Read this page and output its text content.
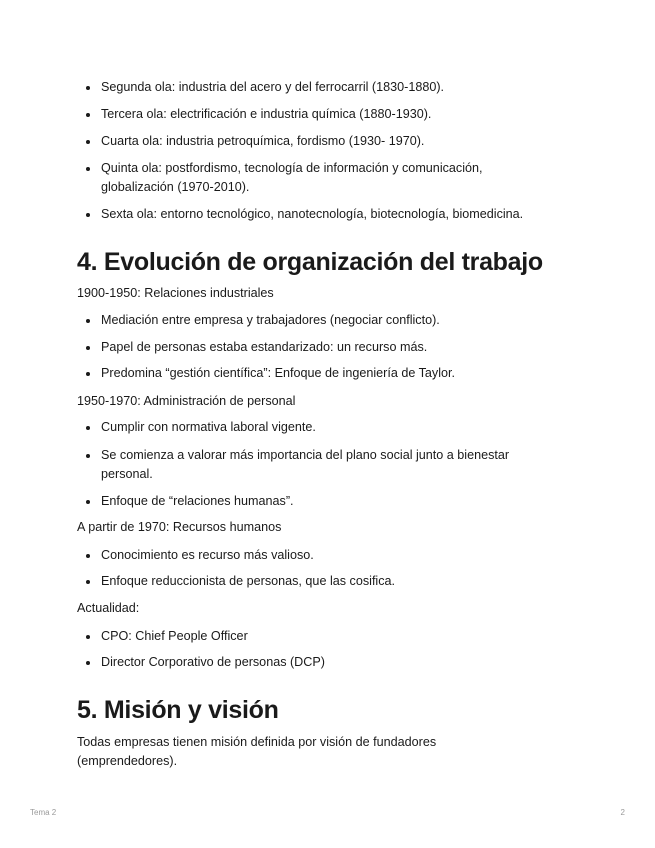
Segunda ola: industria del acero y del ferrocarril (1830-1880).
Tercera ola: electrificación e industria química (1880-1930).
Cuarta ola: industria petroquímica, fordismo (1930- 1970).
Quinta ola: postfordismo, tecnología de información y comunicación, globalización (1970-2010).
Sexta ola: entorno tecnológico, nanotecnología, biotecnología, biomedicina.
4. Evolución de organización del trabajo

1900-1950: Relaciones industriales

Mediación entre empresa y trabajadores (negociar conflicto).
Papel de personas estaba estandarizado: un recurso más.
Predomina “gestión científica”: Enfoque de ingeniería de Taylor.

1950-1970: Administración de personal

Cumplir con normativa laboral vigente.
Se comienza a valorar más importancia del plano social junto a bienestar personal.
Enfoque de “relaciones humanas”.

A partir de 1970: Recursos humanos

Conocimiento es recurso más valioso.
Enfoque reduccionista de personas, que las cosifica.

Actualidad:

CPO: Chief People Officer
Director Corporativo de personas (DCP)
5. Misión y visión

Todas empresas tienen misión definida por visión de fundadores (emprendedores).

Tema 2	2
